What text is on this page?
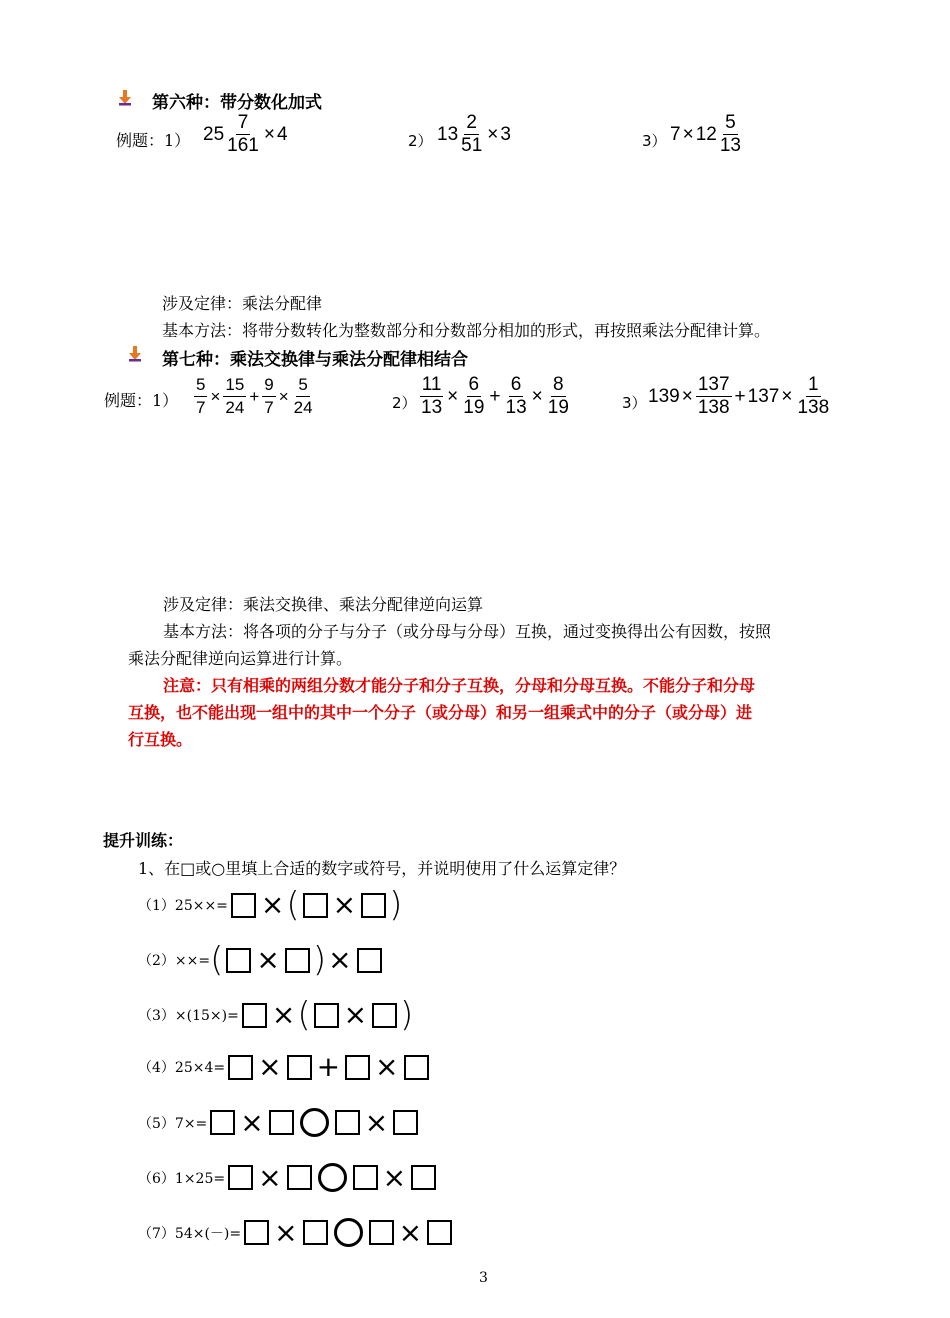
第六种：带分数化加式
例题：1） $25 \frac{7}{161} \times 4$	2） $13 \frac{2}{51} \times 3$	3） $7 \times 12 \frac{5}{13}$
涉及定律：乘法分配律
基本方法：将带分数转化为整数部分和分数部分相加的形式，再按照乘法分配律计算。
第七种：乘法交换律与乘法分配律相结合
例题：$1) \frac{5}{7} \times \frac{15}{24} + \frac{9}{7} \times \frac{5}{24}$	$2) \frac{11}{13} \times \frac{6}{19} + \frac{6}{13} \times \frac{8}{19}$	3） $139 \times \frac{137}{138} + 137 \times \frac{1}{138}$
涉及定律：乘法交换律、乘法分配律逆向运算
基本方法：将各项的分子与分子（或分母与分母）互换，通过变换得出公有因数，按照
乘法分配律逆向运算进行计算。
注意：只有相乘的两组分数才能分子和分子互换，分母和分母互换。不能分子和分母
互换，也不能出现一组中的其中一个分子（或分母）和另一组乘式中的分子（或分母）进
行互换。
提升训练：
1、在□或○里填上合适的数字或符号，并说明使用了什么运算定律？
（1）25××= × ( × )
（2）××= ( × ) ×
（3）×(15×)= × ( × )
（4）25×4= × + ×
（5）7×= ×	×
（6）1×25= ×	×
（7）54×(－)= ×	×
3
